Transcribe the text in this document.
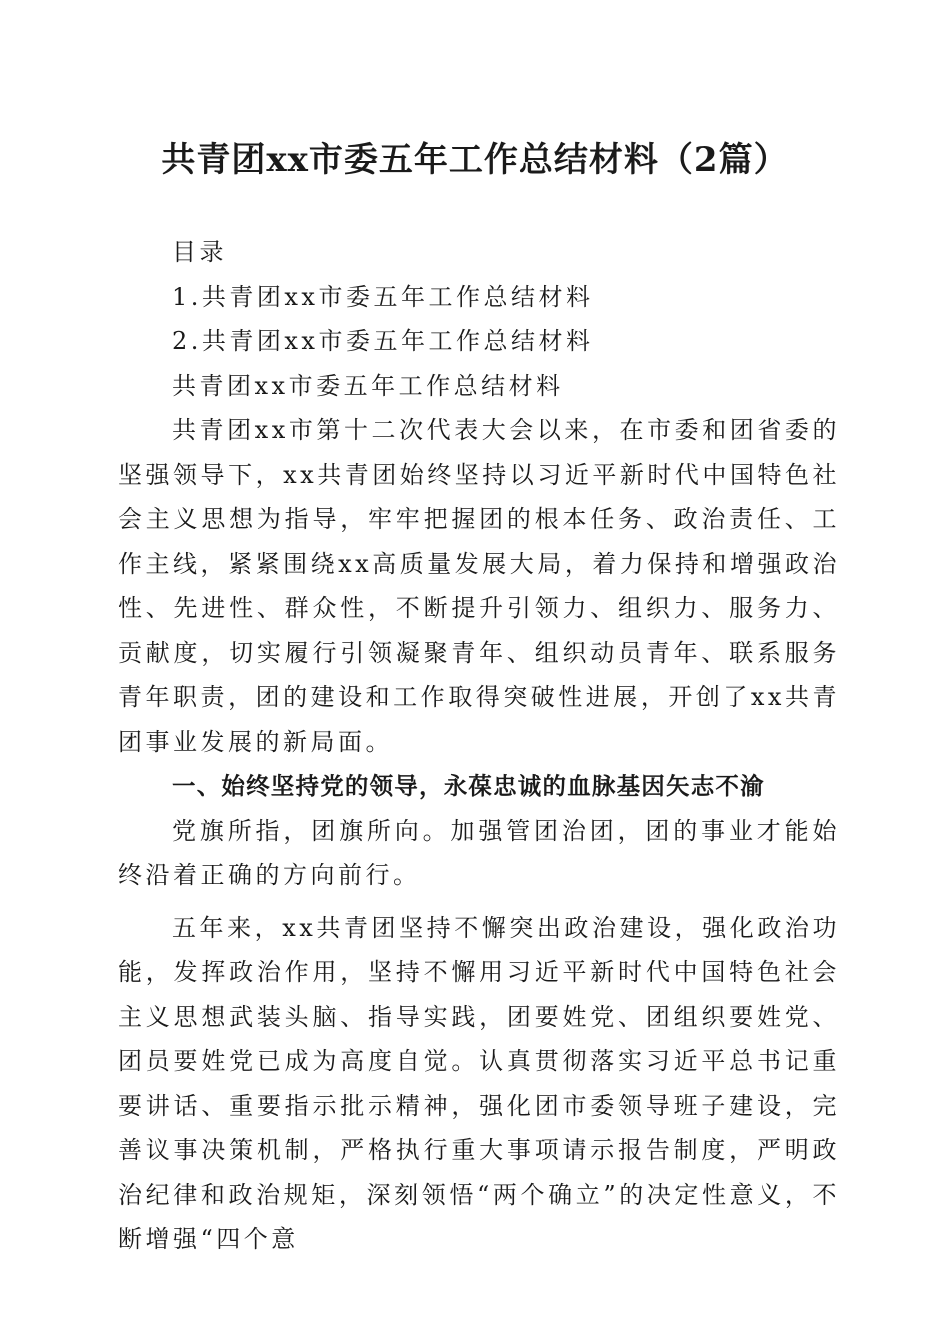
共青团xx市委五年工作总结材料（2篇）

目录

1.共青团xx市委五年工作总结材料

2.共青团xx市委五年工作总结材料

共青团xx市委五年工作总结材料

共青团xx市第十二次代表大会以来，在市委和团省委的坚强领导下，xx共青团始终坚持以习近平新时代中国特色社会主义思想为指导，牢牢把握团的根本任务、政治责任、工作主线，紧紧围绕xx高质量发展大局，着力保持和增强政治性、先进性、群众性，不断提升引领力、组织力、服务力、贡献度，切实履行引领凝聚青年、组织动员青年、联系服务青年职责，团的建设和工作取得突破性进展，开创了xx共青团事业发展的新局面。

一、始终坚持党的领导，永葆忠诚的血脉基因矢志不渝

党旗所指，团旗所向。加强管团治团，团的事业才能始终沿着正确的方向前行。

五年来，xx共青团坚持不懈突出政治建设，强化政治功能，发挥政治作用，坚持不懈用习近平新时代中国特色社会主义思想武装头脑、指导实践，团要姓党、团组织要姓党、团员要姓党已成为高度自觉。认真贯彻落实习近平总书记重要讲话、重要指示批示精神，强化团市委领导班子建设，完善议事决策机制，严格执行重大事项请示报告制度，严明政治纪律和政治规矩，深刻领悟“两个确立”的决定性意义，不断增强“四个意
